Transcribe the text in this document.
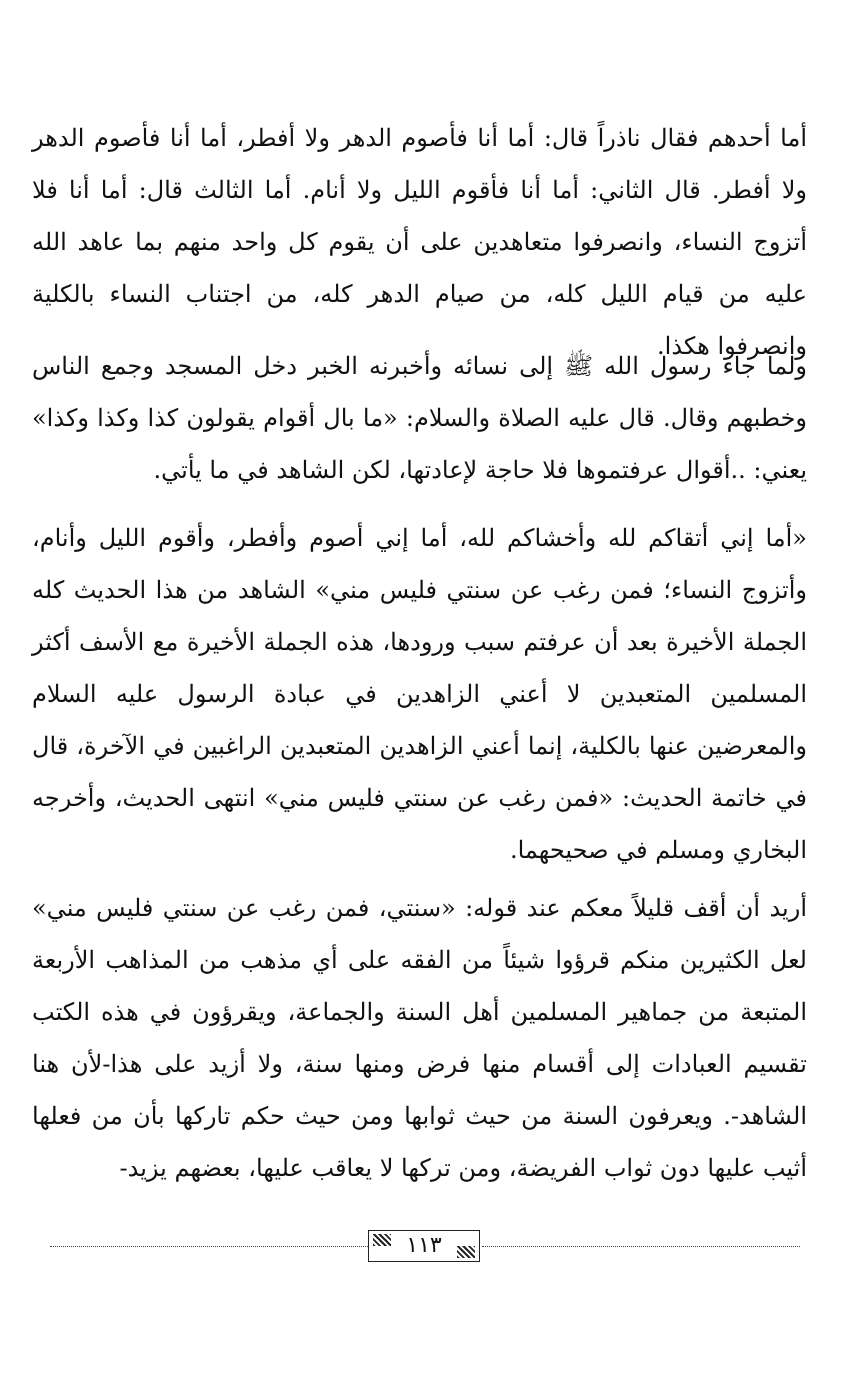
أما أحدهم فقال ناذراً قال: أما أنا فأصوم الدهر ولا أفطر، أما أنا فأصوم الدهر ولا أفطر. قال الثاني: أما أنا فأقوم الليل ولا أنام. أما الثالث قال: أما أنا فلا أتزوج النساء، وانصرفوا متعاهدين على أن يقوم كل واحد منهم بما عاهد الله عليه من قيام الليل كله، من صيام الدهر كله، من اجتناب النساء بالكلية وانصرفوا هكذا.

ولما جاء رسول الله ﷺ إلى نسائه وأخبرنه الخبر دخل المسجد وجمع الناس وخطبهم وقال. قال عليه الصلاة والسلام: «ما بال أقوام يقولون كذا وكذا وكذا» يعني: ..أقوال عرفتموها فلا حاجة لإعادتها، لكن الشاهد في ما يأتي.

«أما إني أتقاكم لله وأخشاكم لله، أما إني أصوم وأفطر، وأقوم الليل وأنام، وأتزوج النساء؛ فمن رغب عن سنتي فليس مني» الشاهد من هذا الحديث كله الجملة الأخيرة بعد أن عرفتم سبب ورودها، هذه الجملة الأخيرة مع الأسف أكثر المسلمين المتعبدين لا أعني الزاهدين في عبادة الرسول عليه السلام والمعرضين عنها بالكلية، إنما أعني الزاهدين المتعبدين الراغبين في الآخرة، قال في خاتمة الحديث: «فمن رغب عن سنتي فليس مني» انتهى الحديث، وأخرجه البخاري ومسلم في صحيحهما.

أريد أن أقف قليلاً معكم عند قوله: «سنتي، فمن رغب عن سنتي فليس مني» لعل الكثيرين منكم قرؤوا شيئاً من الفقه على أي مذهب من المذاهب الأربعة المتبعة من جماهير المسلمين أهل السنة والجماعة، ويقرؤون في هذه الكتب تقسيم العبادات إلى أقسام منها فرض ومنها سنة، ولا أزيد على هذا-لأن هنا الشاهد-. ويعرفون السنة من حيث ثوابها ومن حيث حكم تاركها بأن من فعلها أثيب عليها دون ثواب الفريضة، ومن تركها لا يعاقب عليها، بعضهم يزيد-

١١٣
